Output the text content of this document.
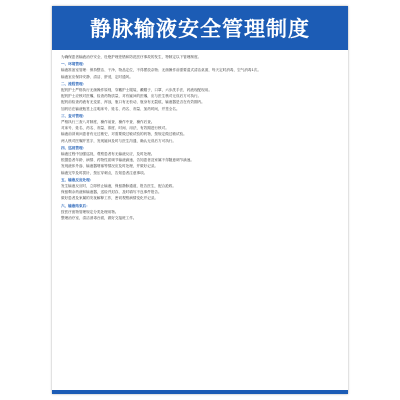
静脉输液安全管理制度
为确保患者输液治疗安全，杜绝护理差错和防范医疗事故的发生，特制定以下管理制度。
一、环境管理：
输液准备室管理：保持整洁、干净，物品定位，不得摆放杂物；无菌操作前需要湿式清洁桌面，每天定时消毒，空气消毒1次。
输液室应保持安静、清洁、舒适，定时通风。
二、流程管理：
配药护士严格执行无菌操作原则，穿戴护士服装，戴帽子，口罩，六步洗手法，药液现配现用。
配药护士应核对医嘱，检查药物质量，对有疑问的医嘱，应与医生核对无误后方可执行。
配药前检查药液有无变质、浑浊，瓶口有无松动，瓶身有无裂痕，输液器是否在有效期内。
加药后在输液瓶签上注明床号、姓名、药名、剂量、加药时间，并签全名。
三、查对管理：
严格执行三查八对制度，操作前查、操作中查、操作后查。
对床号、姓名、药名、剂量、浓度、时间、用法、有效期进行核对。
输液前须询问患者有无过敏史，对需要做过敏试验的药物，按规定做过敏试验。
两人核对医嘱并签字，发现疑问及时与医生沟通，确认无误后方可执行。
四、巡视管理：
输液过程中加强巡视，观察患者有无输液反应，及时处理。
根据患者年龄、病情、药物性质调节输液滴速，告知患者及家属不得随意调节滴速。
发现液体外渗、输液器堵塞等情况应及时处理，并做好记录。
输液完毕及时拔针，按压穿刺点，告知患者注意事项。
五、输液反应处理：
发生输液反应时，立即停止输液，保留静脉通道，报告医生，配合抢救。
保留剩余药液和输液器，送检并封存，及时填写不良事件报告。
做好患者及家属的安抚解释工作，密切观察病情变化并记录。
六、输液结束后：
按医疗废物管理规定分类处理用物。
整理治疗室，清洁消毒台面，做好交接班工作。
